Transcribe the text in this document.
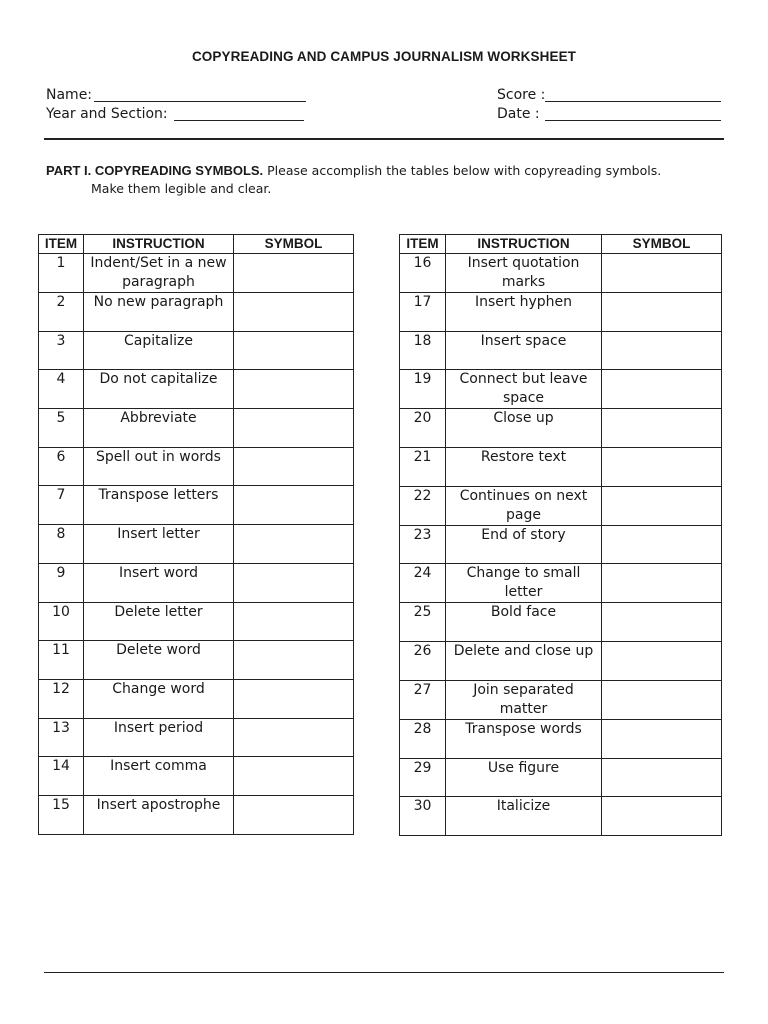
COPYREADING AND CAMPUS JOURNALISM WORKSHEET
Name:
Year and Section:
Score :
Date :
PART I. COPYREADING SYMBOLS. Please accomplish the tables below with copyreading symbols.
Make them legible and clear.
ITEM	INSTRUCTION	SYMBOL
1	Indent/Set in a new paragraph	
2	No new paragraph	
3	Capitalize	
4	Do not capitalize	
5	Abbreviate	
6	Spell out in words	
7	Transpose letters	
8	Insert letter	
9	Insert word	
10	Delete letter	
11	Delete word	
12	Change word	
13	Insert period	
14	Insert comma	
15	Insert apostrophe	
ITEM	INSTRUCTION	SYMBOL
16	Insert quotation marks	
17	Insert hyphen	
18	Insert space	
19	Connect but leave space	
20	Close up	
21	Restore text	
22	Continues on next page	
23	End of story	
24	Change to small letter	
25	Bold face	
26	Delete and close up	
27	Join separated matter	
28	Transpose words	
29	Use figure	
30	Italicize	
